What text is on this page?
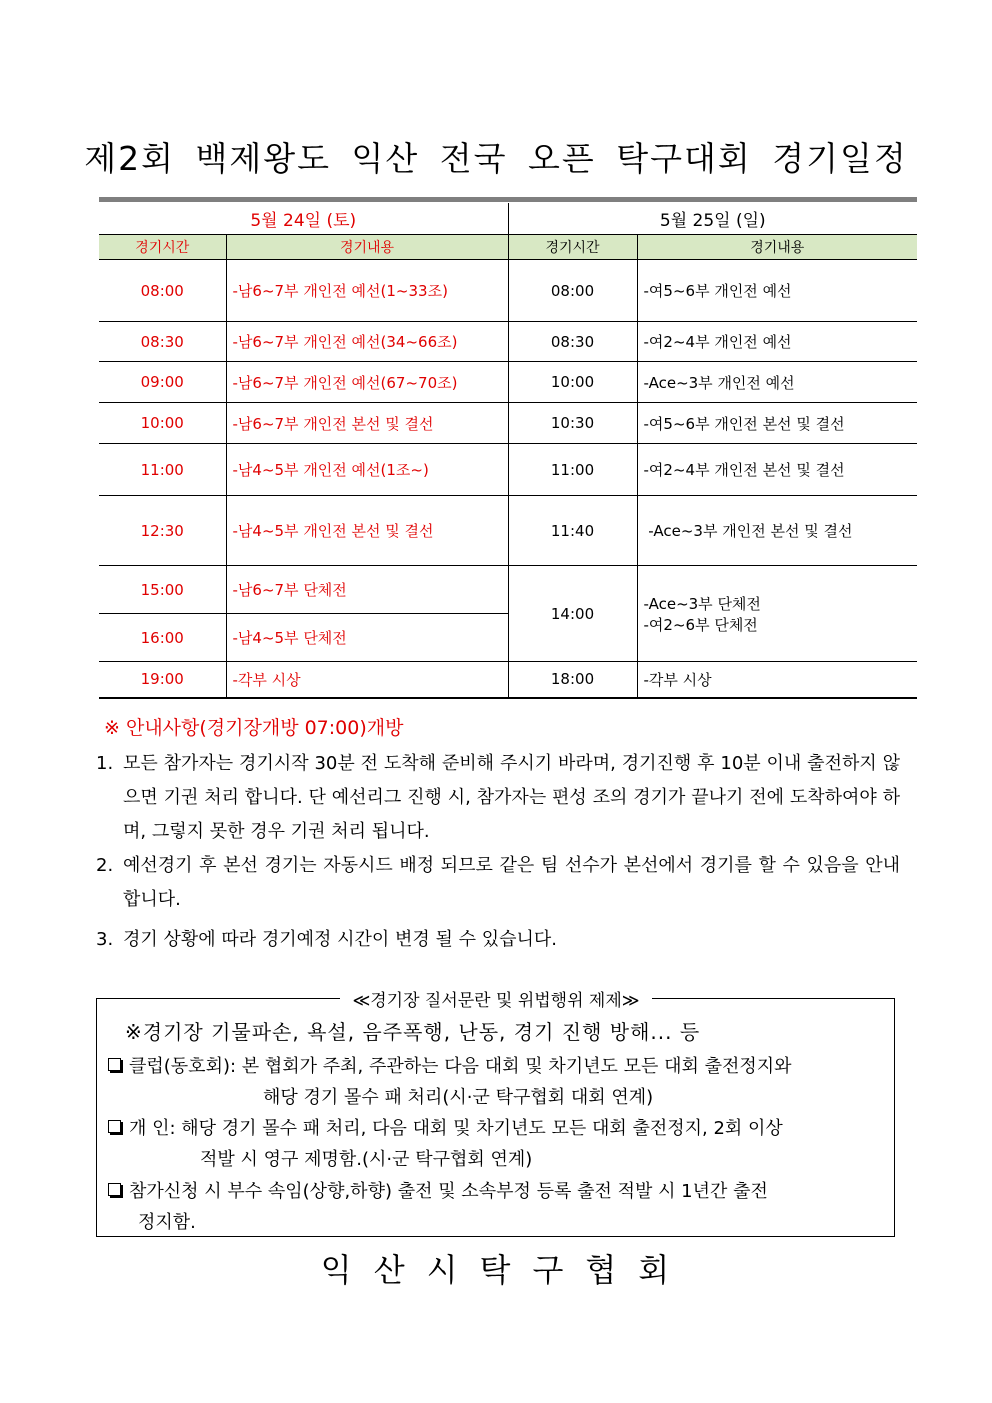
제2회 백제왕도 익산 전국 오픈 탁구대회 경기일정
5월 24일 (토)		5월 25일 (일)	
경기시간	경기내용	경기시간	경기내용
08:00	-남6~7부 개인전 예선(1~33조)	08:00	-여5~6부 개인전 예선
08:30	-남6~7부 개인전 예선(34~66조)	08:30	-여2~4부 개인전 예선
09:00	-남6~7부 개인전 예선(67~70조)	10:00	-Ace~3부 개인전 예선
10:00	-남6~7부 개인전 본선 및 결선	10:30	-여5~6부 개인전 본선 및 결선
11:00	-남4~5부 개인전 예선(1조~)	11:00	-여2~4부 개인전 본선 및 결선
12:30	-남4~5부 개인전 본선 및 결선	11:40	-Ace~3부 개인전 본선 및 결선
15:00	-남6~7부 단체전	14:00	-Ace~3부 단체전
-여2~6부 단체전

16:00	-남4~5부 단체전		
19:00	-각부 시상	18:00	-각부 시상
※ 안내사항(경기장개방 07:00)개방
1. 모든 참가자는 경기시작 30분 전 도착해 준비해 주시기 바라며, 경기진행 후 10분 이내 출전하지 않으면 기권 처리 합니다. 단 예선리그 진행 시, 참가자는 편성 조의 경기가 끝나기 전에 도착하여야 하며, 그렇지 못한 경우 기권 처리 됩니다.
2. 예선경기 후 본선 경기는 자동시드 배정 되므로 같은 팀 선수가 본선에서 경기를 할 수 있음을 안내합니다.
3. 경기 상황에 따라 경기예정 시간이 변경 될 수 있습니다.
≪경기장 질서문란 및 위법행위 제제≫
※경기장 기물파손, 욕설, 음주폭행, 난동, 경기 진행 방해... 등
클럽(동호회): 본 협회가 주최, 주관하는 다음 대회 및 차기년도 모든 대회 출전정지와
해당 경기 몰수 패 처리(시·군 탁구협회 대회 연계)
개 인: 해당 경기 몰수 패 처리, 다음 대회 및 차기년도 모든 대회 출전정지, 2회 이상
적발 시 영구 제명함.(시·군 탁구협회 연계)
참가신청 시 부수 속임(상향,하향) 출전 및 소속부정 등록 출전 적발 시 1년간 출전
정지함.
익산시탁구협회
